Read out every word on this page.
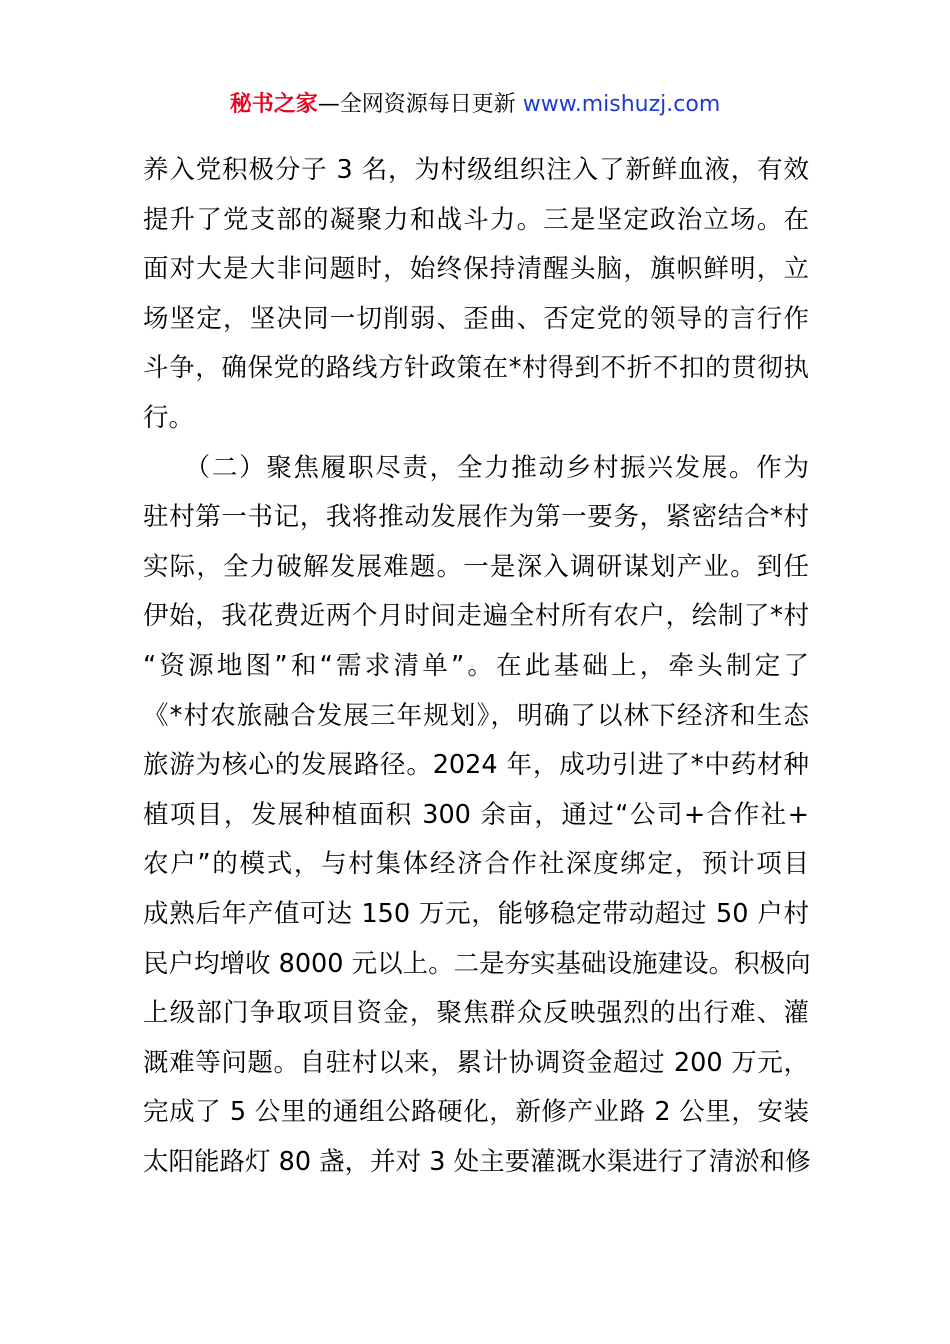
秘书之家—全网资源每日更新 www.mishuzj.com
养入党积极分子 3 名，为村级组织注入了新鲜血液，有效
提升了党支部的凝聚力和战斗力。三是坚定政治立场。在
面对大是大非问题时，始终保持清醒头脑，旗帜鲜明，立
场坚定，坚决同一切削弱、歪曲、否定党的领导的言行作
斗争，确保党的路线方针政策在*村得到不折不扣的贯彻执
行。
　　（二）聚焦履职尽责，全力推动乡村振兴发展。作为
驻村第一书记，我将推动发展作为第一要务，紧密结合*村
实际，全力破解发展难题。一是深入调研谋划产业。到任
伊始，我花费近两个月时间走遍全村所有农户，绘制了*村
“资源地图”和“需求清单”。在此基础上，牵头制定了
《*村农旅融合发展三年规划》，明确了以林下经济和生态
旅游为核心的发展路径。2024 年，成功引进了*中药材种
植项目，发展种植面积 300 余亩，通过“公司+合作社+
农户”的模式，与村集体经济合作社深度绑定，预计项目
成熟后年产值可达 150 万元，能够稳定带动超过 50 户村
民户均增收 8000 元以上。二是夯实基础设施建设。积极向
上级部门争取项目资金，聚焦群众反映强烈的出行难、灌
溉难等问题。自驻村以来，累计协调资金超过 200 万元，
完成了 5 公里的通组公路硬化，新修产业路 2 公里，安装
太阳能路灯 80 盏，并对 3 处主要灌溉水渠进行了清淤和修
